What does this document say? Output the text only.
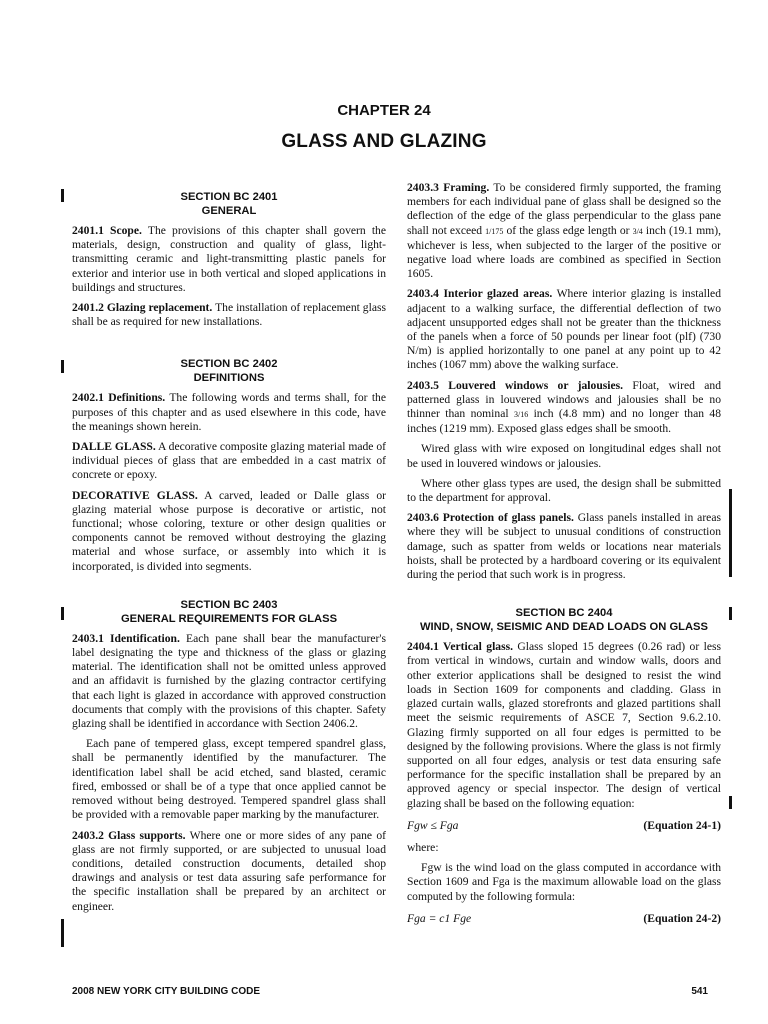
CHAPTER 24
GLASS AND GLAZING
SECTION BC 2401
GENERAL

2401.1 Scope. The provisions of this chapter shall govern the materials, design, construction and quality of glass, light-transmitting ceramic and light-transmitting plastic panels for exterior and interior use in both vertical and sloped applications in buildings and structures.

2401.2 Glazing replacement. The installation of replacement glass shall be as required for new installations.

SECTION BC 2402
DEFINITIONS

2402.1 Definitions. The following words and terms shall, for the purposes of this chapter and as used elsewhere in this code, have the meanings shown herein.

DALLE GLASS. A decorative composite glazing material made of individual pieces of glass that are embedded in a cast matrix of concrete or epoxy.

DECORATIVE GLASS. A carved, leaded or Dalle glass or glazing material whose purpose is decorative or artistic, not functional; whose coloring, texture or other design qualities or components cannot be removed without destroying the glazing material and whose surface, or assembly into which it is incorporated, is divided into segments.

SECTION BC 2403
GENERAL REQUIREMENTS FOR GLASS

2403.1 Identification. Each pane shall bear the manufacturer's label designating the type and thickness of the glass or glazing material. The identification shall not be omitted unless approved and an affidavit is furnished by the glazing contractor certifying that each light is glazed in accordance with approved construction documents that comply with the provisions of this chapter. Safety glazing shall be identified in accordance with Section 2406.2.

Each pane of tempered glass, except tempered spandrel glass, shall be permanently identified by the manufacturer. The identification label shall be acid etched, sand blasted, ceramic fired, embossed or shall be of a type that once applied cannot be removed without being destroyed. Tempered spandrel glass shall be provided with a removable paper marking by the manufacturer.

2403.2 Glass supports. Where one or more sides of any pane of glass are not firmly supported, or are subjected to unusual load conditions, detailed construction documents, detailed shop drawings and analysis or test data assuring safe performance for the specific installation shall be prepared by an architect or engineer.

2403.3 Framing. To be considered firmly supported, the framing members for each individual pane of glass shall be designed so the deflection of the edge of the glass perpendicular to the glass pane shall not exceed 1/175 of the glass edge length or 3/4 inch (19.1 mm), whichever is less, when subjected to the larger of the positive or negative load where loads are combined as specified in Section 1605.

2403.4 Interior glazed areas. Where interior glazing is installed adjacent to a walking surface, the differential deflection of two adjacent unsupported edges shall not be greater than the thickness of the panels when a force of 50 pounds per linear foot (plf) (730 N/m) is applied horizontally to one panel at any point up to 42 inches (1067 mm) above the walking surface.

2403.5 Louvered windows or jalousies. Float, wired and patterned glass in louvered windows and jalousies shall be no thinner than nominal 3/16 inch (4.8 mm) and no longer than 48 inches (1219 mm). Exposed glass edges shall be smooth.

Wired glass with wire exposed on longitudinal edges shall not be used in louvered windows or jalousies.

Where other glass types are used, the design shall be submitted to the department for approval.

2403.6 Protection of glass panels. Glass panels installed in areas where they will be subject to unusual conditions of construction damage, such as spatter from welds or locations near materials hoists, shall be protected by a hardboard covering or its equivalent during the period that such work is in progress.

SECTION BC 2404
WIND, SNOW, SEISMIC AND DEAD LOADS ON GLASS

2404.1 Vertical glass. Glass sloped 15 degrees (0.26 rad) or less from vertical in windows, curtain and window walls, doors and other exterior applications shall be designed to resist the wind loads in Section 1609 for components and cladding. Glass in glazed curtain walls, glazed storefronts and glazed partitions shall meet the seismic requirements of ASCE 7, Section 9.6.2.10. Glazing firmly supported on all four edges is permitted to be designed by the following provisions. Where the glass is not firmly supported on all four edges, analysis or test data ensuring safe performance for the specific installation shall be prepared by an approved agency or special inspector. The design of vertical glazing shall be based on the following equation:

Fgw ≤ Fga	(Equation 24-1)

where:

Fgw is the wind load on the glass computed in accordance with Section 1609 and Fga is the maximum allowable load on the glass computed by the following formula:

Fga = c1 Fge	(Equation 24-2)
2008 NEW YORK CITY BUILDING CODE	541
